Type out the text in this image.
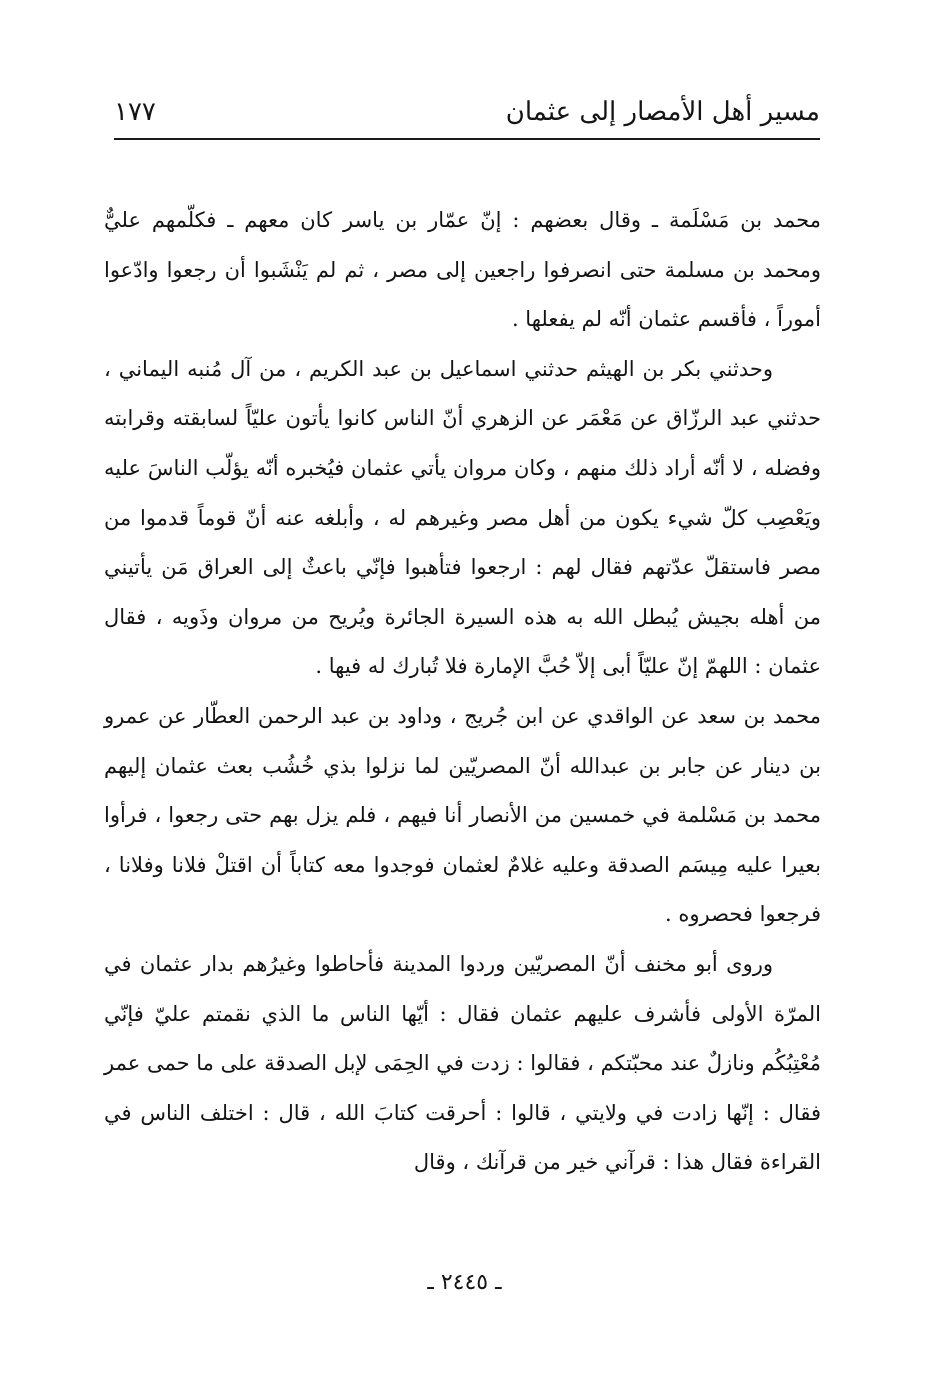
مسير أهل الأمصار إلى عثمان
١٧٧

محمد بن مَسْلَمة ـ وقال بعضهم : إنّ عمّار بن ياسر كان معهم ـ فكلّمهم عليٌّ ومحمد بن مسلمة حتى انصرفوا راجعين إلى مصر ، ثم لم يَنْشَبوا أن رجعوا وادّعوا أموراً ، فأقسم عثمان أنّه لم يفعلها .

وحدثني بكر بن الهيثم حدثني اسماعيل بن عبد الكريم ، من آل مُنبه اليماني ، حدثني عبد الرزّاق عن مَعْمَر عن الزهري أنّ الناس كانوا يأتون عليّاً لسابقته وقرابته وفضله ، لا أنّه أراد ذلك منهم ، وكان مروان يأتي عثمان فيُخبره أنّه يؤلّب الناسَ عليه ويَعْصِب كلّ شيء يكون من أهل مصر وغيرهم له ، وأبلغه عنه أنّ قوماً قدموا من مصر فاستقلّ عدّتهم فقال لهم : ارجعوا فتأهبوا فإنّي باعثٌ إلى العراق مَن يأتيني من أهله بجيش يُبطل الله به هذه السيرة الجائرة ويُريح من مروان وذَويه ، فقال عثمان : اللهمّ إنّ عليّاً أبى إلاّ حُبَّ الإمارة فلا تُبارك له فيها .

محمد بن سعد عن الواقدي عن ابن جُريج ، وداود بن عبد الرحمن العطّار عن عمرو بن دينار عن جابر بن عبدالله أنّ المصريّين لما نزلوا بذي خُشُب بعث عثمان إليهم محمد بن مَسْلمة في خمسين من الأنصار أنا فيهم ، فلم يزل بهم حتى رجعوا ، فرأوا بعيرا عليه مِيسَم الصدقة وعليه غلامٌ لعثمان فوجدوا معه كتاباً أن اقتلْ فلانا وفلانا ، فرجعوا فحصروه .

وروى أبو مخنف أنّ المصريّين وردوا المدينة فأحاطوا وغيرُهم بدار عثمان في المرّة الأولى فأشرف عليهم عثمان فقال : أيّها الناس ما الذي نقمتم عليّ فإنّي مُعْتِبُكُم ونازلٌ عند محبّتكم ، فقالوا : زدت في الحِمَى لإبل الصدقة على ما حمى عمر فقال : إنّها زادت في ولايتي ، قالوا : أحرقت كتابَ الله ، قال : اختلف الناس في القراءة فقال هذا : قرآني خير من قرآنك ، وقال

ـ ٢٤٤٥ ـ
